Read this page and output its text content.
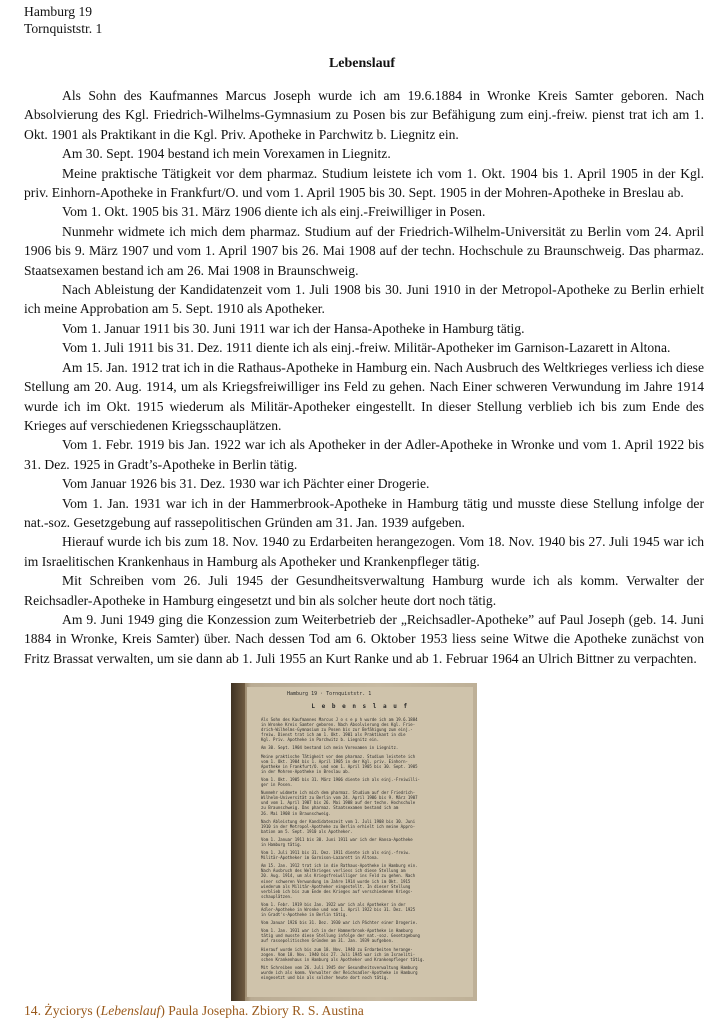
Hamburg 19
Tornquiststr. 1
Lebenslauf

Als Sohn des Kaufmannes Marcus Joseph wurde ich am 19.6.1884 in Wronke Kreis Samter geboren. Nach Absolvierung des Kgl. Friedrich-Wilhelms-Gymnasium zu Posen bis zur Befähigung zum einj.-freiw. pienst trat ich am 1. Okt. 1901 als Praktikant in die Kgl. Priv. Apotheke in Parchwitz b. Liegnitz ein.

Am 30. Sept. 1904 bestand ich mein Vorexamen in Liegnitz.

Meine praktische Tätigkeit vor dem pharmaz. Studium leistete ich vom 1. Okt. 1904 bis 1. April 1905 in der Kgl. priv. Einhorn-Apotheke in Frankfurt/O. und vom 1. April 1905 bis 30. Sept. 1905 in der Mohren-Apotheke in Breslau ab.

Vom 1. Okt. 1905 bis 31. März 1906 diente ich als einj.-Freiwilliger in Posen.

Nunmehr widmete ich mich dem pharmaz. Studium auf der Friedrich-Wilhelm-Universität zu Berlin vom 24. April 1906 bis 9. März 1907 und vom 1. April 1907 bis 26. Mai 1908 auf der techn. Hochschule zu Braunschweig. Das pharmaz. Staatsexamen bestand ich am 26. Mai 1908 in Braunschweig.

Nach Ableistung der Kandidatenzeit vom 1. Juli 1908 bis 30. Juni 1910 in der Metropol-Apotheke zu Berlin erhielt ich meine Approbation am 5. Sept. 1910 als Apotheker.

Vom 1. Januar 1911 bis 30. Juni 1911 war ich der Hansa-Apotheke in Hamburg tätig.

Vom 1. Juli 1911 bis 31. Dez. 1911 diente ich als einj.-freiw. Militär-Apotheker im Garnison-Lazarett in Altona.

Am 15. Jan. 1912 trat ich in die Rathaus-Apotheke in Hamburg ein. Nach Ausbruch des Weltkrieges verliess ich diese Stellung am 20. Aug. 1914, um als Kriegsfreiwilliger ins Feld zu gehen. Nach Einer schweren Verwundung im Jahre 1914 wurde ich im Okt. 1915 wiederum als Militär-Apotheker eingestellt. In dieser Stellung verblieb ich bis zum Ende des Krieges auf verschiedenen Kriegsschauplätzen.

Vom 1. Febr. 1919 bis Jan. 1922 war ich als Apotheker in der Adler-Apotheke in Wronke und vom 1. April 1922 bis 31. Dez. 1925 in Gradt’s-Apotheke in Berlin tätig.

Vom Januar 1926 bis 31. Dez. 1930 war ich Pächter einer Drogerie.

Vom 1. Jan. 1931 war ich in der Hammerbrook-Apotheke in Hamburg tätig und musste diese Stellung infolge der nat.-soz. Gesetzgebung auf rassepolitischen Gründen am 31. Jan. 1939 aufgeben.

Hierauf wurde ich bis zum 18. Nov. 1940 zu Erdarbeiten herangezogen. Vom 18. Nov. 1940 bis 27. Juli 1945 war ich im Israelitischen Krankenhaus in Hamburg als Apotheker und Krankenpfleger tätig.

Mit Schreiben vom 26. Juli 1945 der Gesundheitsverwaltung Hamburg wurde ich als komm. Verwalter der Reichsadler-Apotheke in Hamburg eingesetzt und bin als solcher heute dort noch tätig.

Am 9. Juni 1949 ging die Konzession zum Weiterbetrieb der „Reichsadler-Apotheke” auf Paul Joseph (geb. 14. Juni 1884 in Wronke, Kreis Samter) über. Nach dessen Tod am 6. Oktober 1953 liess seine Witwe die Apotheke zunächst von Fritz Brassat verwalten, um sie dann ab 1. Juli 1955 an Kurt Ranke und ab 1. Februar 1964 an Ulrich Bittner zu verpachten.

Hamburg 19 · Tornquiststr. 1
L e b e n s l a u f
Als Sohn des Kaufmannes Marcus J o s e p h wurde ich am 19.6.1884
in Wronke Kreis Samter geboren. Nach Absolvierung des Kgl. Frie-
drich-Wilhelms-Gymnasium zu Posen bis zur Befähigung zum einj.-
freiw. Dienst trat ich am 1. Okt. 1901 als Praktikant in die
Kgl. Priv. Apotheke in Parchwitz b. Liegnitz ein.
Am 30. Sept. 1904 bestand ich mein Vorexamen in Liegnitz.
Meine praktische Tätigkeit vor dem pharmaz. Studium leistete ich
vom 1. Okt. 1904 bis 1. April 1905 in der Kgl. priv. Einhorn-
Apotheke in Frankfurt/O. und vom 1. April 1905 bis 30. Sept. 1905
in der Mohren-Apotheke in Breslau ab.
Vom 1. Okt. 1905 bis 31. März 1906 diente ich als einj.-Freiwilli-
ger in Posen.
Nunmehr widmete ich mich dem pharmaz. Studium auf der Friedrich-
Wilhelm-Universität zu Berlin vom 24. April 1906 bis 9. März 1907
und vom 1. April 1907 bis 26. Mai 1908 auf der techn. Hochschule
zu Braunschweig. Das pharmaz. Staatsexamen bestand ich am
26. Mai 1908 in Braunschweig.
Nach Ableistung der Kandidatenzeit vom 1. Juli 1908 bis 30. Juni
1910 in der Metropol-Apotheke zu Berlin erhielt ich meine Appro-
bation am 5. Sept. 1910 als Apotheker.
Vom 1. Januar 1911 bis 30. Juni 1911 war ich der Hansa-Apotheke
in Hamburg tätig.
Vom 1. Juli 1911 bis 31. Dez. 1911 diente ich als einj.-freiw.
Militär-Apotheker im Garnison-Lazarett in Altona.
Am 15. Jan. 1912 trat ich in die Rathaus-Apotheke in Hamburg ein.
Nach Ausbruch des Weltkrieges verliess ich diese Stellung am
20. Aug. 1914, um als Kriegsfreiwilliger ins Feld zu gehen. Nach
einer schweren Verwundung im Jahre 1914 wurde ich im Okt. 1915
wiederum als Militär-Apotheker eingestellt. In dieser Stellung
verblieb ich bis zum Ende des Krieges auf verschiedenen Kriegs-
schauplätzen.
Vom 1. Febr. 1919 bis Jan. 1922 war ich als Apotheker in der
Adler-Apotheke in Wronke und vom 1. April 1922 bis 31. Dez. 1925
in Gradt's-Apotheke in Berlin tätig.
Vom Januar 1926 bis 31. Dez. 1930 war ich Pächter einer Drogerie.
Vom 1. Jan. 1931 war ich in der Hammerbrook-Apotheke in Hamburg
tätig und musste diese Stellung infolge der nat.-soz. Gesetzgebung
auf rassepolitischen Gründen am 31. Jan. 1939 aufgeben.
Hierauf wurde ich bis zum 18. Nov. 1940 zu Erdarbeiten herange-
zogen. Vom 18. Nov. 1940 bis 27. Juli 1945 war ich im Israeliti-
schen Krankenhaus in Hamburg als Apotheker und Krankenpfleger tätig.
Mit Schreiben vom 26. Juli 1945 der Gesundheitsverwaltung Hamburg
wurde ich als komm. Verwalter der Reichsadler-Apotheke in Hamburg
eingesetzt und bin als solcher heute dort noch tätig.
14. Życiorys (Lebenslauf) Paula Josepha. Zbiory R. S. Austina
